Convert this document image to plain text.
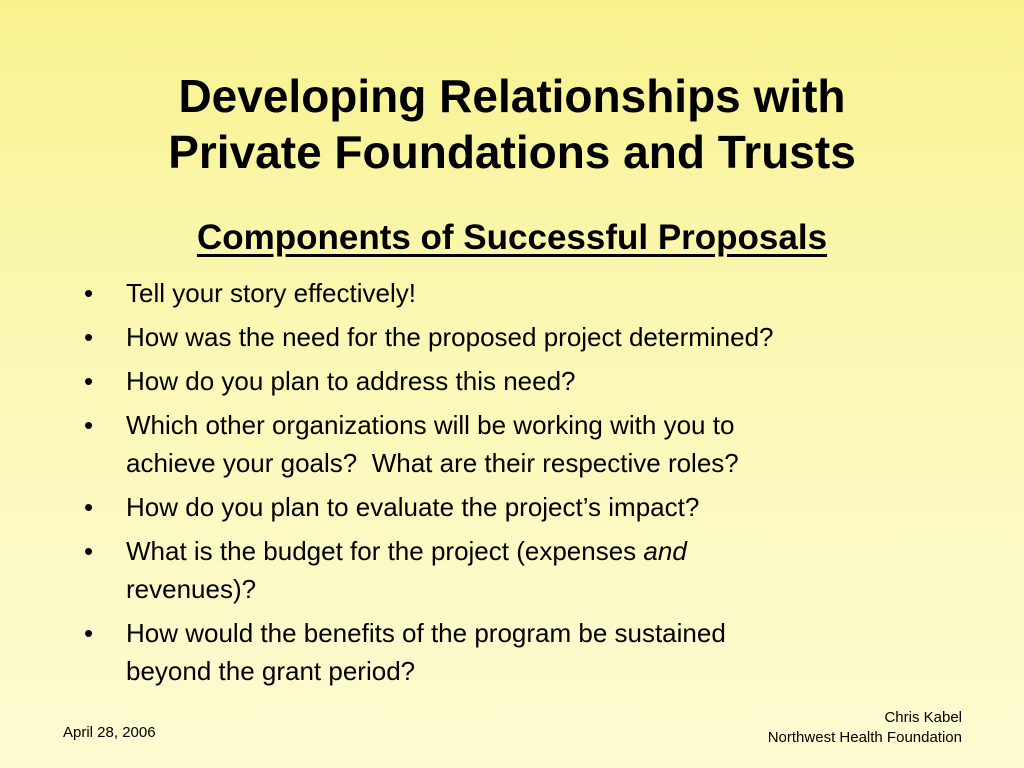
Developing Relationships with
Private Foundations and Trusts
Components of Successful Proposals
• Tell your story effectively!
• How was the need for the proposed project determined?
• How do you plan to address this need?
• Which other organizations will be working with you to
achieve your goals?  What are their respective roles?
• How do you plan to evaluate the project’s impact?
• What is the budget for the project (expenses and
revenues)?
• How would the benefits of the program be sustained
beyond the grant period?
April 28, 2006
Chris Kabel
Northwest Health Foundation
